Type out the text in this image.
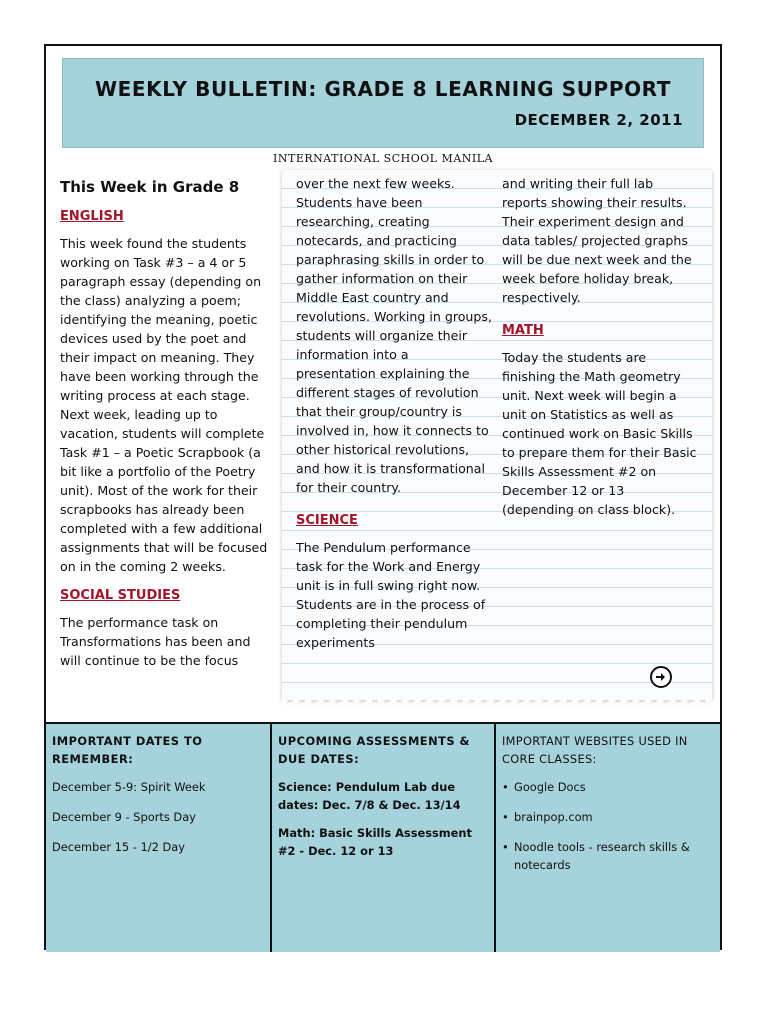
WEEKLY BULLETIN: GRADE 8 LEARNING SUPPORT
DECEMBER 2, 2011
INTERNATIONAL SCHOOL MANILA
This Week in Grade 8
ENGLISH

This week found the students working on Task #3 – a 4 or 5 paragraph essay (depending on the class) analyzing a poem; identifying the meaning, poetic devices used by the poet and their impact on meaning. They have been working through the writing process at each stage. Next week, leading up to vacation, students will complete Task #1 – a Poetic Scrapbook (a bit like a portfolio of the Poetry unit). Most of the work for their scrapbooks has already been completed with a few additional assignments that will be focused on in the coming 2 weeks.

SOCIAL STUDIES

The performance task on Transformations has been and will continue to be the focus

over the next few weeks. Students have been researching, creating notecards, and practicing paraphrasing skills in order to gather information on their Middle East country and revolutions. Working in groups, students will organize their information into a presentation explaining the different stages of revolution that their group/country is involved in, how it connects to other historical revolutions, and how it is transformational for their country.

SCIENCE

The Pendulum performance task for the Work and Energy unit is in full swing right now. Students are in the process of completing their pendulum experiments

and writing their full lab reports showing their results. Their experiment design and data tables/ projected graphs will be due next week and the week before holiday break, respectively.

MATH

Today the students are finishing the Math geometry unit. Next week will begin a unit on Statistics as well as continued work on Basic Skills to prepare them for their Basic Skills Assessment #2 on December 12 or 13 (depending on class block).

IMPORTANT DATES TO REMEMBER:
December 5-9: Spirit Week
December 9 - Sports Day
December 15 - 1/2 Day
UPCOMING ASSESSMENTS & DUE DATES:
Science: Pendulum Lab due dates: Dec. 7/8 & Dec. 13/14
Math: Basic Skills Assessment #2 - Dec. 12 or 13
IMPORTANT WEBSITES USED IN CORE CLASSES:
• Google Docs
• brainpop.com
• Noodle tools - research skills & notecards
